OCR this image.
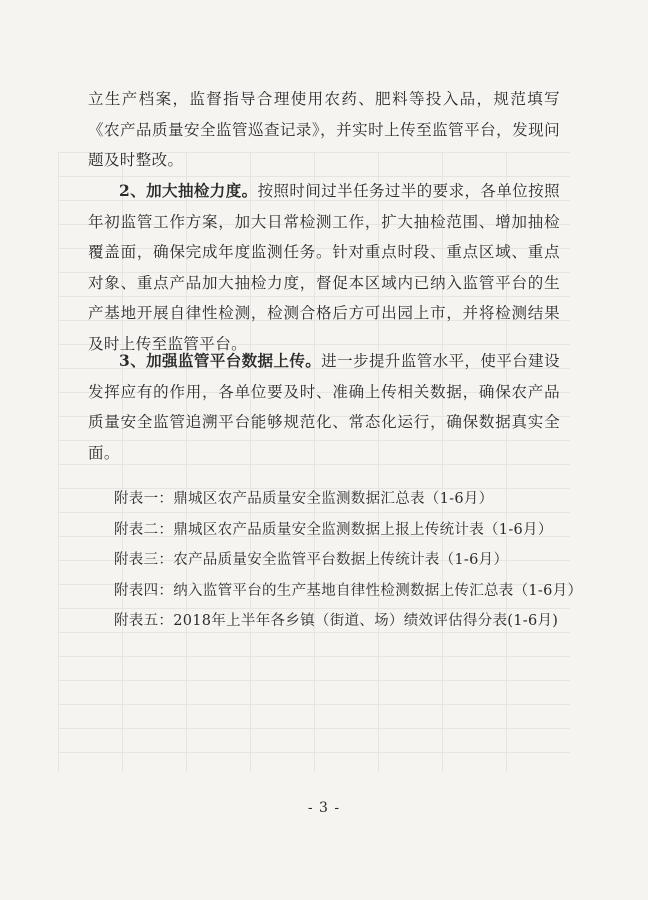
立生产档案，监督指导合理使用农药、肥料等投入品，规范填写《农产品质量安全监管巡查记录》，并实时上传至监管平台，发现问题及时整改。

2、加大抽检力度。按照时间过半任务过半的要求，各单位按照年初监管工作方案，加大日常检测工作，扩大抽检范围、增加抽检覆盖面，确保完成年度监测任务。针对重点时段、重点区域、重点对象、重点产品加大抽检力度，督促本区域内已纳入监管平台的生产基地开展自律性检测，检测合格后方可出园上市，并将检测结果及时上传至监管平台。

3、加强监管平台数据上传。进一步提升监管水平，使平台建设发挥应有的作用，各单位要及时、准确上传相关数据，确保农产品质量安全监管追溯平台能够规范化、常态化运行，确保数据真实全面。

附表一：鼎城区农产品质量安全监测数据汇总表（1-6月）
附表二：鼎城区农产品质量安全监测数据上报上传统计表（1-6月）
附表三：农产品质量安全监管平台数据上传统计表（1-6月）
附表四：纳入监管平台的生产基地自律性检测数据上传汇总表（1-6月）
附表五：2018年上半年各乡镇（街道、场）绩效评估得分表(1-6月)
- 3 -
